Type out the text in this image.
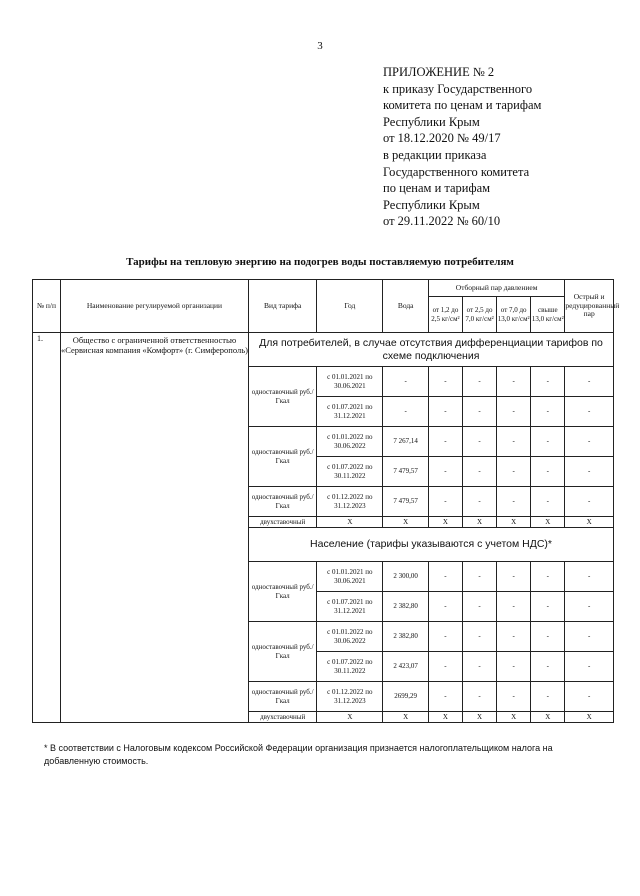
3
ПРИЛОЖЕНИЕ № 2
к приказу Государственного
комитета по ценам и тарифам
Республики Крым
от 18.12.2020 № 49/17
в редакции приказа
Государственного комитета
по ценам и тарифам
Республики Крым
от 29.11.2022 № 60/10
Тарифы на тепловую энергию на подогрев воды поставляемую потребителям
№ п/п	Наименование регулируемой организации	Вид тарифа	Год	Вода	Отборный пар давлением				Острый и редуцированный пар
					от 1,2 до 2,5 кг/см²	от 2,5 до 7,0 кг/см²	от 7,0 до 13,0 кг/см²	свыше 13,0 кг/см²	
1.	Общество с ограниченной ответственностью «Сервисная компания «Комфорт» (г. Симферополь)	Для потребителей, в случае отсутствия дифференциации тарифов по схеме подключения							
		одноставочный руб./Гкал	с 01.01.2021 по 30.06.2021	-	-	-	-	-	-
			с 01.07.2021 по 31.12.2021	-	-	-	-	-	-
		одноставочный руб./Гкал	с 01.01.2022 по 30.06.2022	7 267,14	-	-	-	-	-
			с 01.07.2022 по 30.11.2022	7 479,57	-	-	-	-	-
		одноставочный руб./Гкал	с 01.12.2022 по 31.12.2023	7 479,57	-	-	-	-	-
		двухставочный	X	X	X	X	X	X	X
		Население (тарифы указываются с учетом НДС)*							
		одноставочный руб./Гкал	с 01.01.2021 по 30.06.2021	2 300,00	-	-	-	-	-
			с 01.07.2021 по 31.12.2021	2 382,80	-	-	-	-	-
		одноставочный руб./Гкал	с 01.01.2022 по 30.06.2022	2 382,80	-	-	-	-	-
			с 01.07.2022 по 30.11.2022	2 423,07	-	-	-	-	-
		одноставочный руб./Гкал	с 01.12.2022 по 31.12.2023	2699,29	-	-	-	-	-
		двухставочный	X	X	X	X	X	X	X
* В соответствии с Налоговым кодексом Российской Федерации организация признается налогоплательщиком налога на добавленную стоимость.
